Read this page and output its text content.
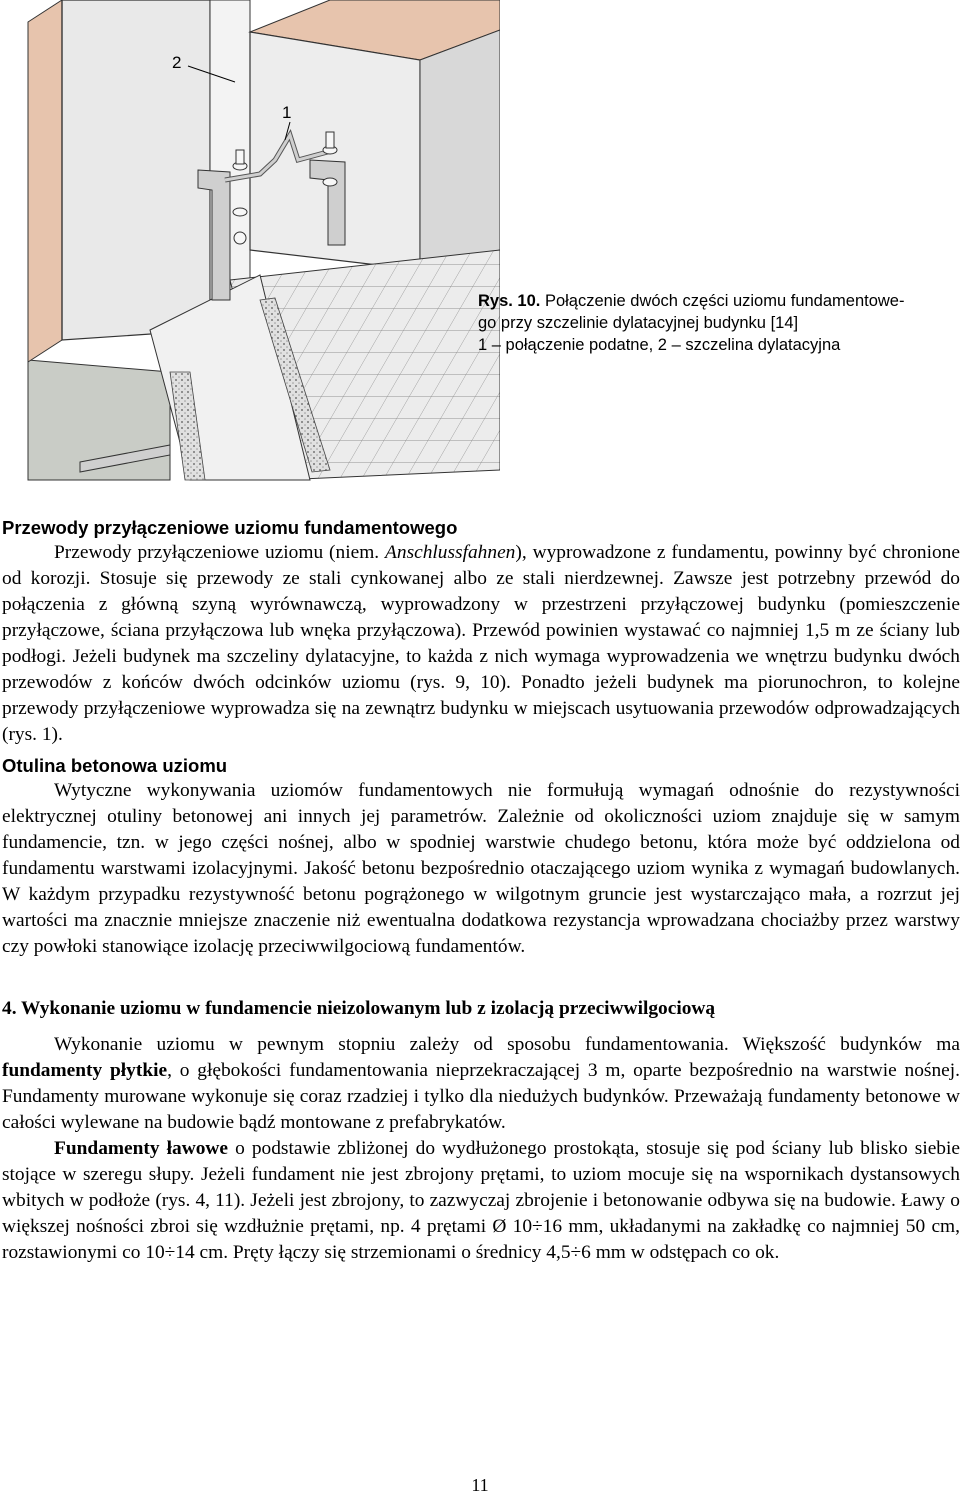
2
1
Rys. 10. Połączenie dwóch części uziomu fundamentowe-
go przy szczelinie dylatacyjnej budynku [14]
1 – połączenie podatne, 2 – szczelina dylatacyjna

Przewody przyłączeniowe uziomu fundamentowego

Przewody przyłączeniowe uziomu (niem. Anschlussfahnen), wyprowadzone z fundamentu, powinny być chronione od korozji. Stosuje się przewody ze stali cynkowanej albo ze stali nierdzewnej. Zawsze jest potrzebny przewód do połączenia z główną szyną wyrównawczą, wyprowadzony w przestrzeni przyłączowej budynku (pomieszczenie przyłączowe, ściana przyłączowa lub wnęka przyłączowa). Przewód powinien wystawać co najmniej 1,5 m ze ściany lub podłogi. Jeżeli budynek ma szczeliny dylatacyjne, to każda z nich wymaga wyprowadzenia we wnętrzu budynku dwóch przewodów z końców dwóch odcinków uziomu (rys. 9, 10). Ponadto jeżeli budynek ma piorunochron, to kolejne przewody przyłączeniowe wyprowadza się na zewnątrz budynku w miejscach usytuowania przewodów odprowadzających (rys. 1).

Otulina betonowa uziomu

Wytyczne wykonywania uziomów fundamentowych nie formułują wymagań odnośnie do rezystywności elektrycznej otuliny betonowej ani innych jej parametrów. Zależnie od okoliczności uziom znajduje się w samym fundamencie, tzn. w jego części nośnej, albo w spodniej warstwie chudego betonu, która może być oddzielona od fundamentu warstwami izolacyjnymi. Jakość betonu bezpośrednio otaczającego uziom wynika z wymagań budowlanych. W każdym przypadku rezystywność betonu pogrążonego w wilgotnym gruncie jest wystarczająco mała, a rozrzut jej wartości ma znacznie mniejsze znaczenie niż ewentualna dodatkowa rezystancja wprowadzana chociażby przez warstwy czy powłoki stanowiące izolację przeciwwilgociową fundamentów.

4. Wykonanie uziomu w fundamencie nieizolowanym lub z izolacją przeciwwilgociową

Wykonanie uziomu w pewnym stopniu zależy od sposobu fundamentowania. Większość budynków ma fundamenty płytkie, o głębokości fundamentowania nieprzekraczającej 3 m, oparte bezpośrednio na warstwie nośnej. Fundamenty murowane wykonuje się coraz rzadziej i tylko dla niedużych budynków. Przeważają fundamenty betonowe w całości wylewane na budowie bądź montowane z prefabrykatów.

Fundamenty ławowe o podstawie zbliżonej do wydłużonego prostokąta, stosuje się pod ściany lub blisko siebie stojące w szeregu słupy. Jeżeli fundament nie jest zbrojony prętami, to uziom mocuje się na wspornikach dystansowych wbitych w podłoże (rys. 4, 11). Jeżeli jest zbrojony, to zazwyczaj zbrojenie i betonowanie odbywa się na budowie. Ławy o większej nośności zbroi się wzdłużnie prętami, np. 4 prętami Ø 10÷16 mm, układanymi na zakładkę co najmniej 50 cm, rozstawionymi co 10÷14 cm. Pręty łączy się strzemionami o średnicy 4,5÷6 mm w odstępach co ok.

11
